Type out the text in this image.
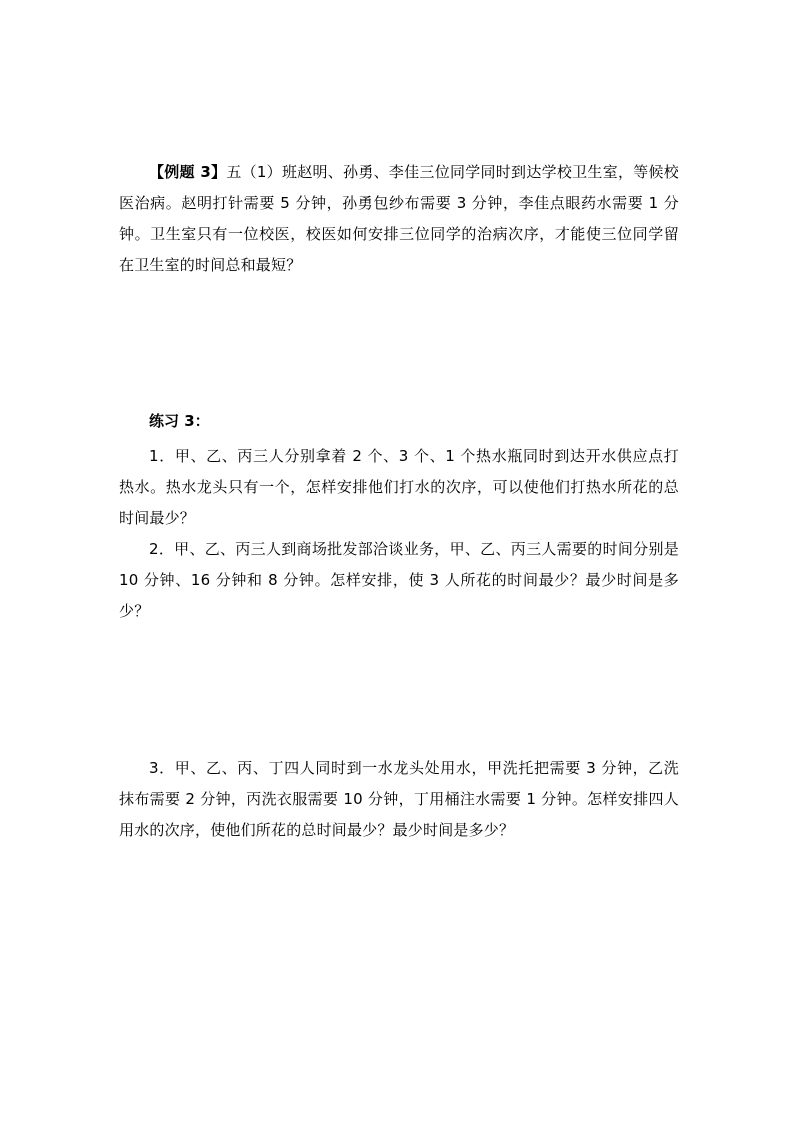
【例题 3】五（1）班赵明、孙勇、李佳三位同学同时到达学校卫生室，等候校医治病。赵明打针需要 5 分钟，孙勇包纱布需要 3 分钟，李佳点眼药水需要 1 分钟。卫生室只有一位校医，校医如何安排三位同学的治病次序，才能使三位同学留在卫生室的时间总和最短？

练习 3：

1．甲、乙、丙三人分别拿着 2 个、3 个、1 个热水瓶同时到达开水供应点打热水。热水龙头只有一个，怎样安排他们打水的次序，可以使他们打热水所花的总时间最少？

2．甲、乙、丙三人到商场批发部洽谈业务，甲、乙、丙三人需要的时间分别是 10 分钟、16 分钟和 8 分钟。怎样安排，使 3 人所花的时间最少？最少时间是多少？

3．甲、乙、丙、丁四人同时到一水龙头处用水，甲洗托把需要 3 分钟，乙洗抹布需要 2 分钟，丙洗衣服需要 10 分钟，丁用桶注水需要 1 分钟。怎样安排四人用水的次序，使他们所花的总时间最少？最少时间是多少？
